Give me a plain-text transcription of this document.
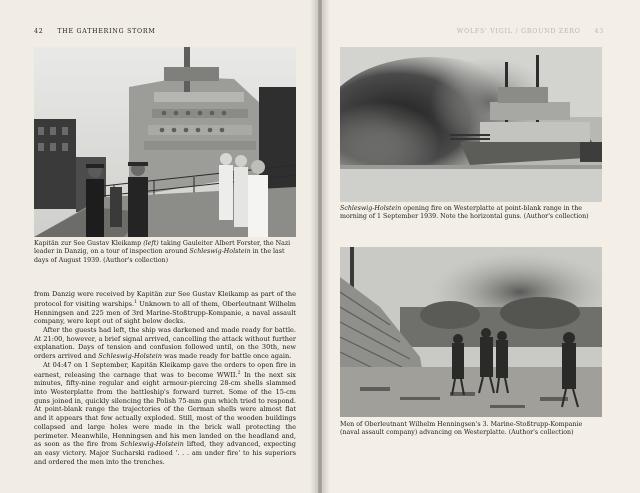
42 THE GATHERING STORM
Kapitän zur See Gustav Kleikamp (left) taking Gauleiter Albert Forster, the Nazi leader in Danzig, on a tour of inspection around Schleswig-Holstein in the last days of August 1939. (Author's collection)

from Danzig were received by Kapitän zur See Gustav Kleikamp as part of the protocol for visiting warships.$^1$ Unknown to all of them, Oberleutnant Wilhelm Henningsen and 225 men of 3rd Marine-Stoßtrupp-Kompanie, a naval assault company, were kept out of sight below decks.

After the guests had left, the ship was darkened and made ready for battle. At 21:00, however, a brief signal arrived, cancelling the attack without further explanation. Days of tension and confusion followed until, on the 30th, new orders arrived and Schleswig-Holstein was made ready for battle once again.

At 04:47 on 1 September, Kapitän Kleikamp gave the orders to open fire in earnest, releasing the carnage that was to become WWII.$^2$ In the next six minutes, fifty-nine regular and eight armour-piercing 28-cm shells slammed into Westerplatte from the battleship's forward turret. Some of the 15-cm guns joined in, quickly silencing the Polish 75-mm gun which tried to respond. At point-blank range the trajectories of the German shells were almost flat and it appears that few actually exploded. Still, most of the wooden buildings collapsed and large holes were made in the brick wall protecting the perimeter. Meanwhile, Henningsen and his men landed on the headland and, as soon as the fire from Schleswig-Holstein lifted, they advanced, expecting an easy victory. Major Sucharski radioed '. . . am under fire' to his superiors and ordered the men into the trenches.

WOLFS' VIGIL / GROUND ZERO 43
Schleswig-Holstein opening fire on Westerplatte at point-blank range in the morning of 1 September 1939. Note the horizontal guns. (Author's collection)
Men of Oberleutnant Wilhelm Henningsen's 3. Marine-Stoßtrupp-Kompanie (naval assault company) advancing on Westerplatte. (Author's collection)
